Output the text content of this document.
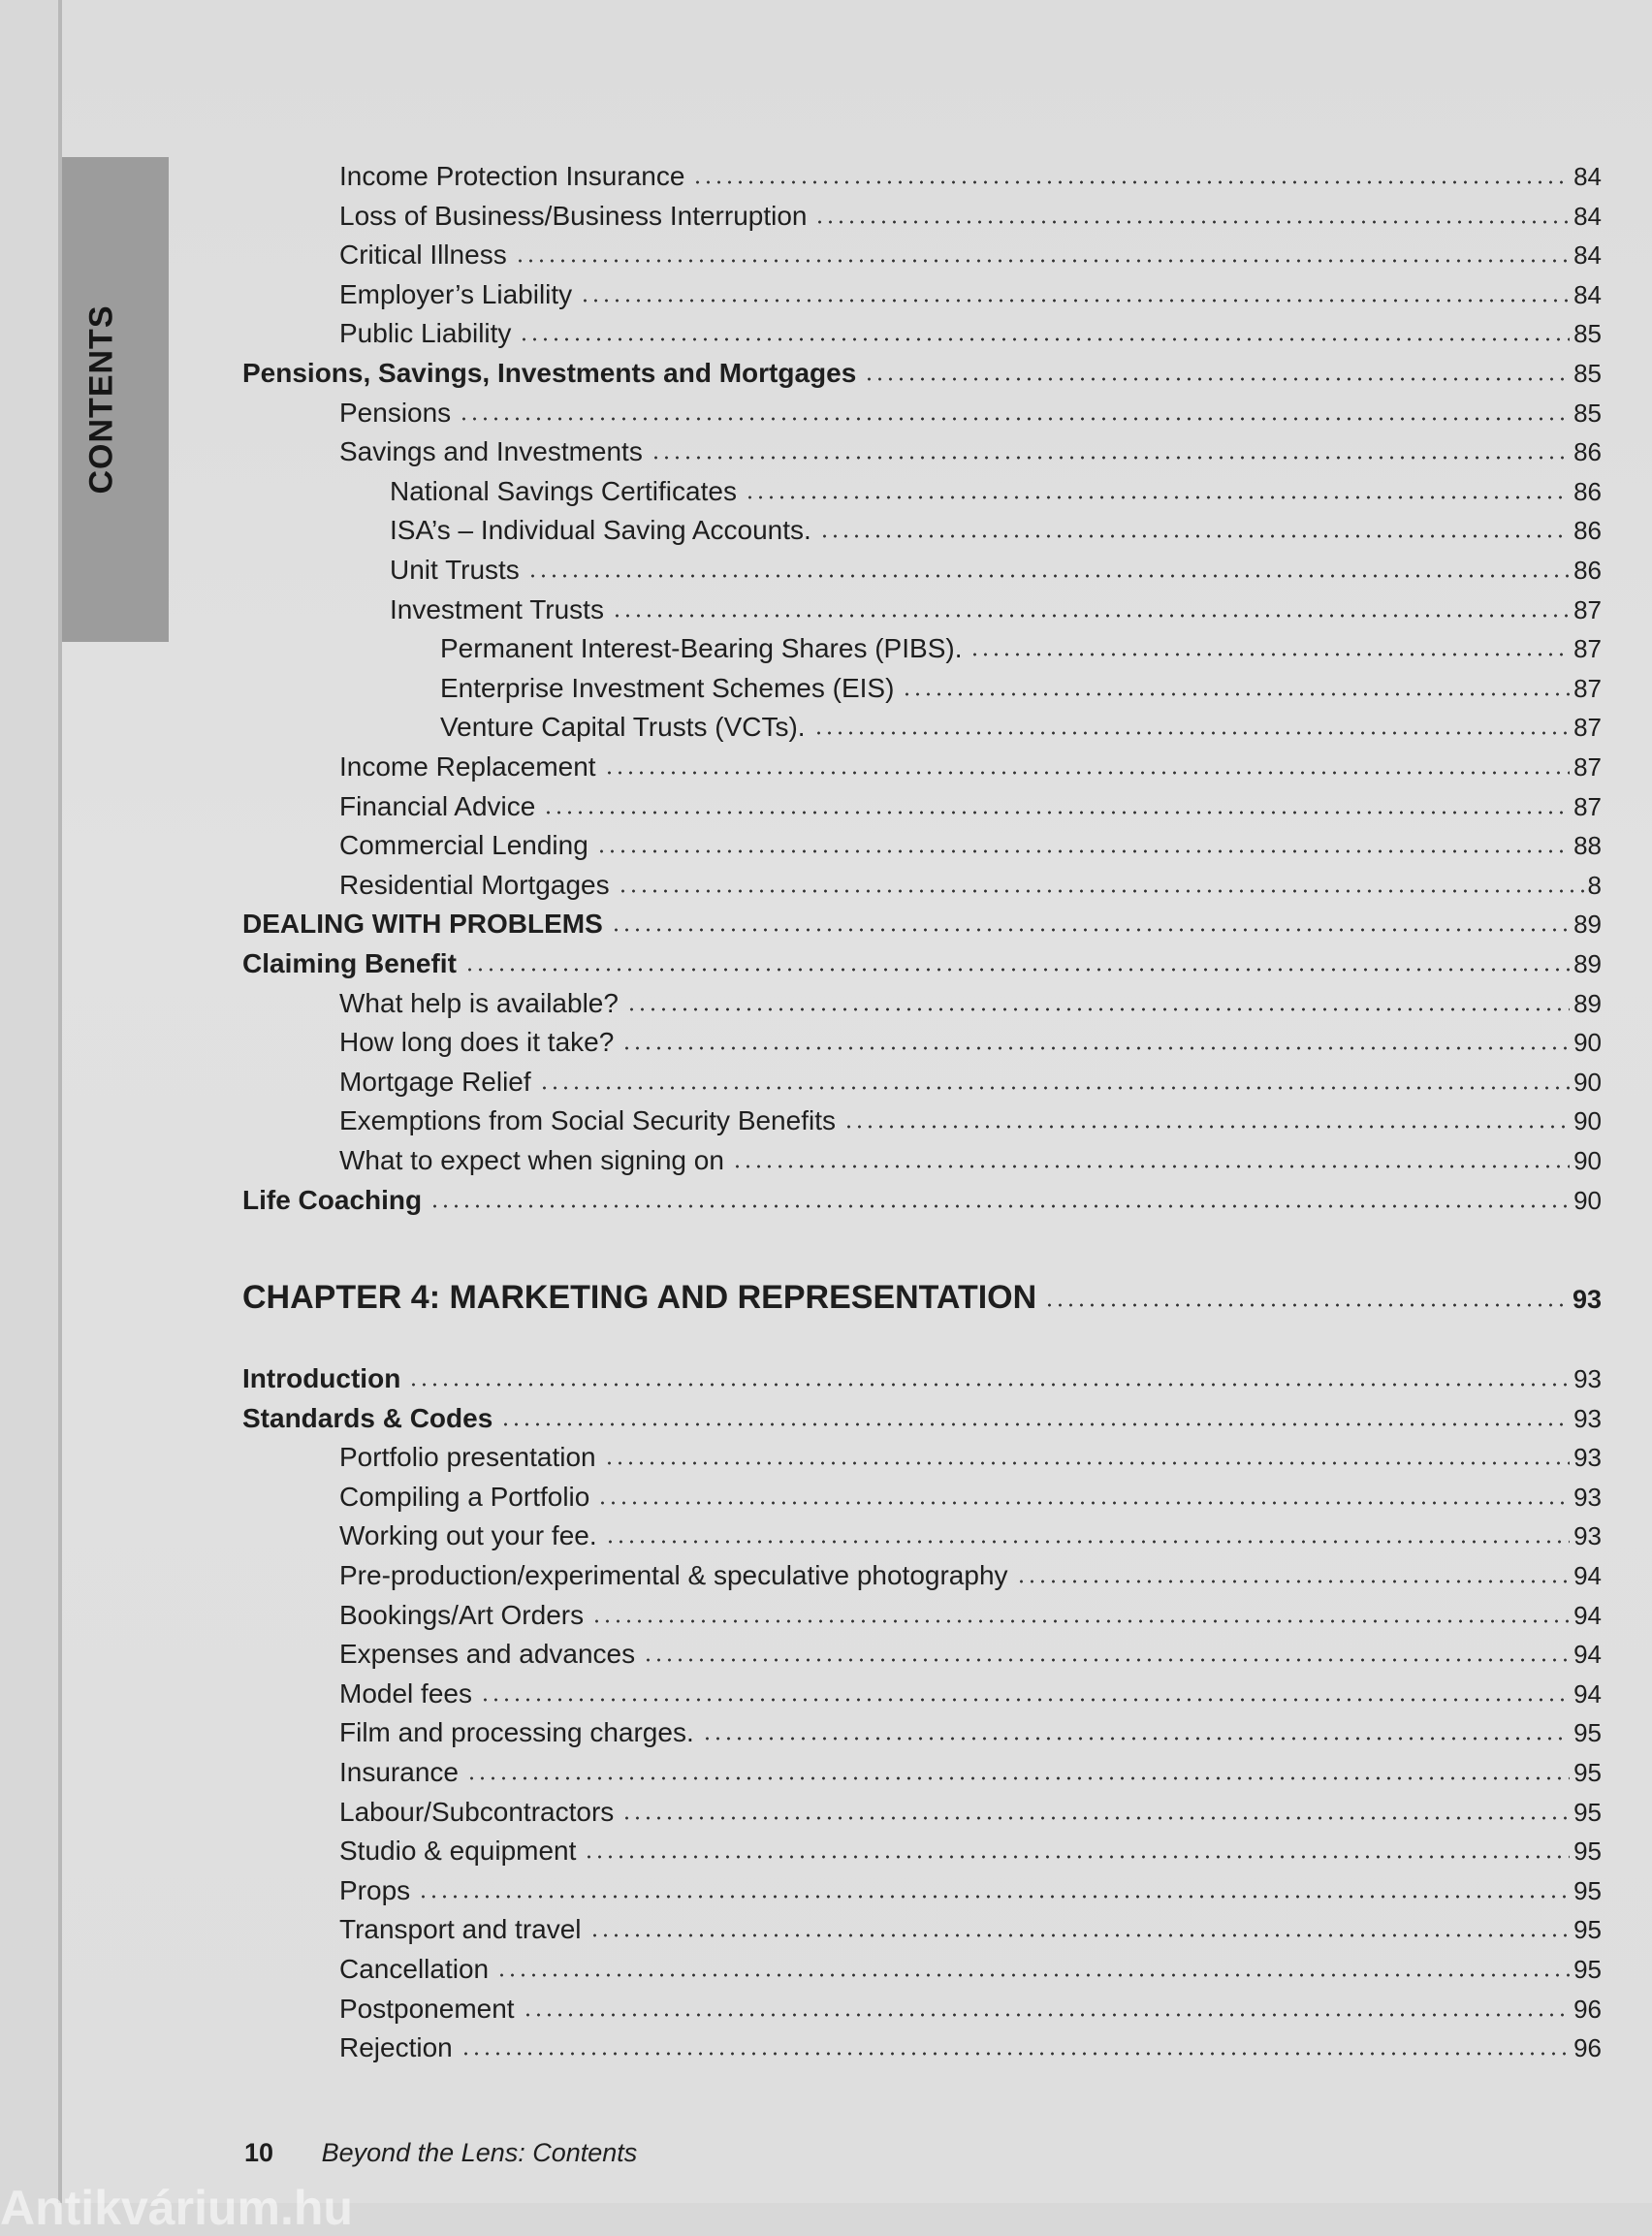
CONTENTS
Income Protection Insurance	84
Loss of Business/Business Interruption	84
Critical Illness	84
Employer’s Liability	84
Public Liability	85
Pensions, Savings, Investments and Mortgages	85
Pensions	85
Savings and Investments	86
National Savings Certificates	86
ISA’s – Individual Saving Accounts.	86
Unit Trusts	86
Investment Trusts	87
Permanent Interest-Bearing Shares (PIBS).	87
Enterprise Investment Schemes (EIS)	87
Venture Capital Trusts (VCTs).	87
Income Replacement	87
Financial Advice	87
Commercial Lending	88
Residential Mortgages	8
DEALING WITH PROBLEMS	89
Claiming Benefit	89
What help is available?	89
How long does it take?	90
Mortgage Relief	90
Exemptions from Social Security Benefits	90
What to expect when signing on	90
Life Coaching	90
CHAPTER 4: MARKETING AND REPRESENTATION	93
Introduction	93
Standards & Codes	93
Portfolio presentation	93
Compiling a Portfolio	93
Working out your fee.	93
Pre-production/experimental & speculative photography	94
Bookings/Art Orders	94
Expenses and advances	94
Model fees	94
Film and processing charges.	95
Insurance	95
Labour/Subcontractors	95
Studio & equipment	95
Props	95
Transport and travel	95
Cancellation	95
Postponement	96
Rejection	96
10 Beyond the Lens: Contents
Antikvárium.hu
